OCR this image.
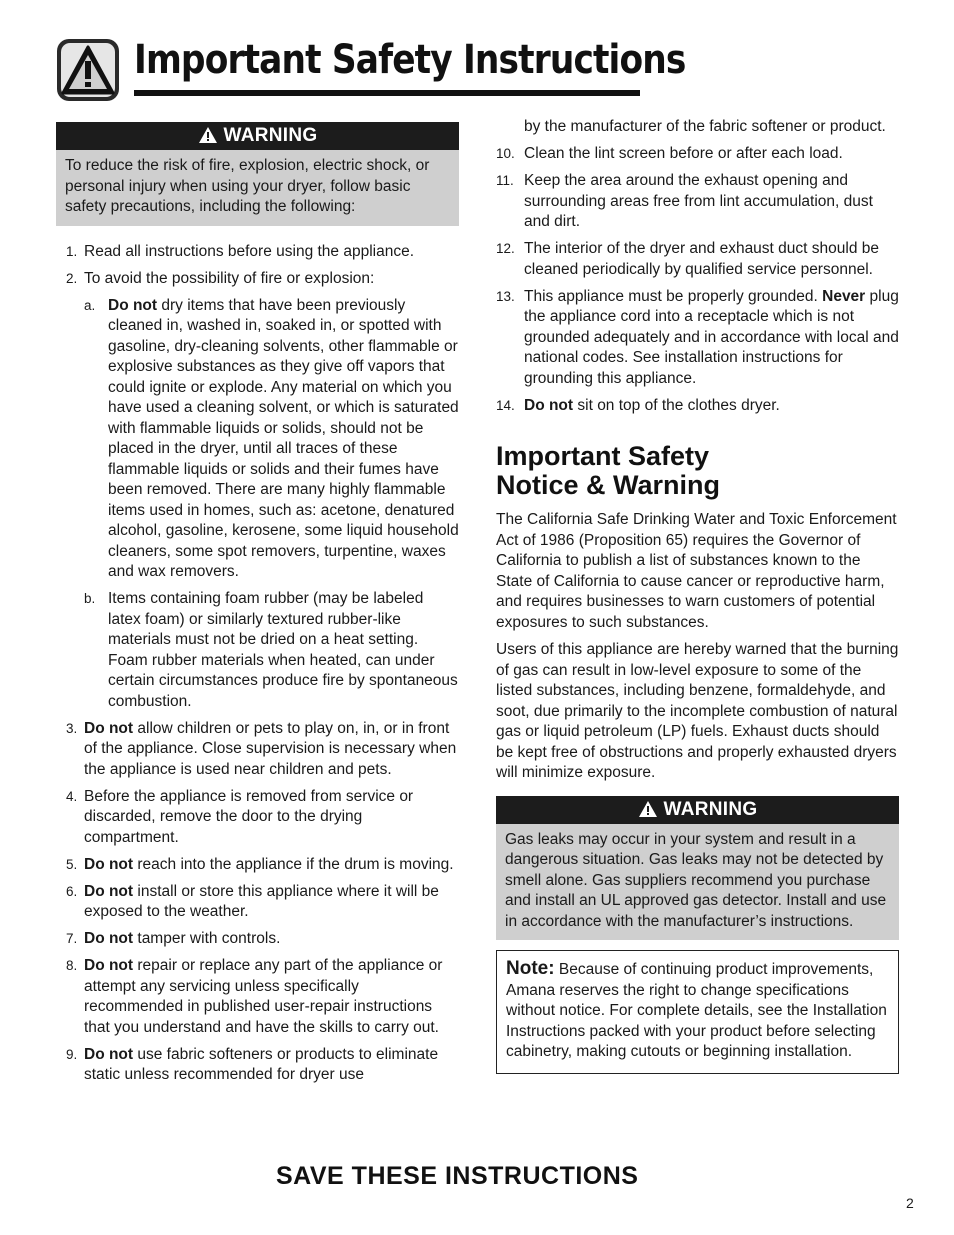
Important Safety Instructions
WARNING
To reduce the risk of fire, explosion, electric shock, or personal injury when using your dryer, follow basic safety precautions, including the following:
1. Read all instructions before using the appliance.
2. To avoid the possibility of fire or explosion:
a. Do not dry items that have been previously cleaned in, washed in, soaked in, or spotted with gasoline, dry-cleaning solvents, other flammable or explosive substances as they give off vapors that could ignite or explode. Any material on which you have used a cleaning solvent, or which is saturated with flammable liquids or solids, should not be placed in the dryer, until all traces of these flammable liquids or solids and their fumes have been removed. There are many highly flammable items used in homes, such as: acetone, denatured alcohol, gasoline, kerosene, some liquid household cleaners, some spot removers, turpentine, waxes and wax removers.
b. Items containing foam rubber (may be labeled latex foam) or similarly textured rubber-like materials must not be dried on a heat setting. Foam rubber materials when heated, can under certain circumstances produce fire by spontaneous combustion.
3. Do not allow children or pets to play on, in, or in front of the appliance. Close supervision is necessary when the appliance is used near children and pets.
4. Before the appliance is removed from service or discarded, remove the door to the drying compartment.
5. Do not reach into the appliance if the drum is moving.
6. Do not install or store this appliance where it will be exposed to the weather.
7. Do not tamper with controls.
8. Do not repair or replace any part of the appliance or attempt any servicing unless specifically recommended in published user-repair instructions that you understand and have the skills to carry out.
9. Do not use fabric softeners or products to eliminate static unless recommended for dryer use
by the manufacturer of the fabric softener or product.
10. Clean the lint screen before or after each load.
11. Keep the area around the exhaust opening and surrounding areas free from lint accumulation, dust and dirt.
12. The interior of the dryer and exhaust duct should be cleaned periodically by qualified service personnel.
13. This appliance must be properly grounded. Never plug the appliance cord into a receptacle which is not grounded adequately and in accordance with local and national codes. See installation instructions for grounding this appliance.
14. Do not sit on top of the clothes dryer.
Important Safety
Notice & Warning

The California Safe Drinking Water and Toxic Enforcement Act of 1986 (Proposition 65) requires the Governor of California to publish a list of substances known to the State of California to cause cancer or reproductive harm, and requires businesses to warn customers of potential exposures to such substances.

Users of this appliance are hereby warned that the burning of gas can result in low-level exposure to some of the listed substances, including benzene, formaldehyde, and soot, due primarily to the incomplete combustion of natural gas or liquid petroleum (LP) fuels. Exhaust ducts should be kept free of obstructions and properly exhausted dryers will minimize exposure.

WARNING
Gas leaks may occur in your system and result in a dangerous situation. Gas leaks may not be detected by smell alone. Gas suppliers recommend you purchase and install an UL approved gas detector. Install and use in accordance with the manufacturer’s instructions.
Note: Because of continuing product improvements, Amana reserves the right to change specifications without notice. For complete details, see the Installation Instructions packed with your product before selecting cabinetry, making cutouts or beginning installation.
SAVE THESE INSTRUCTIONS
2
